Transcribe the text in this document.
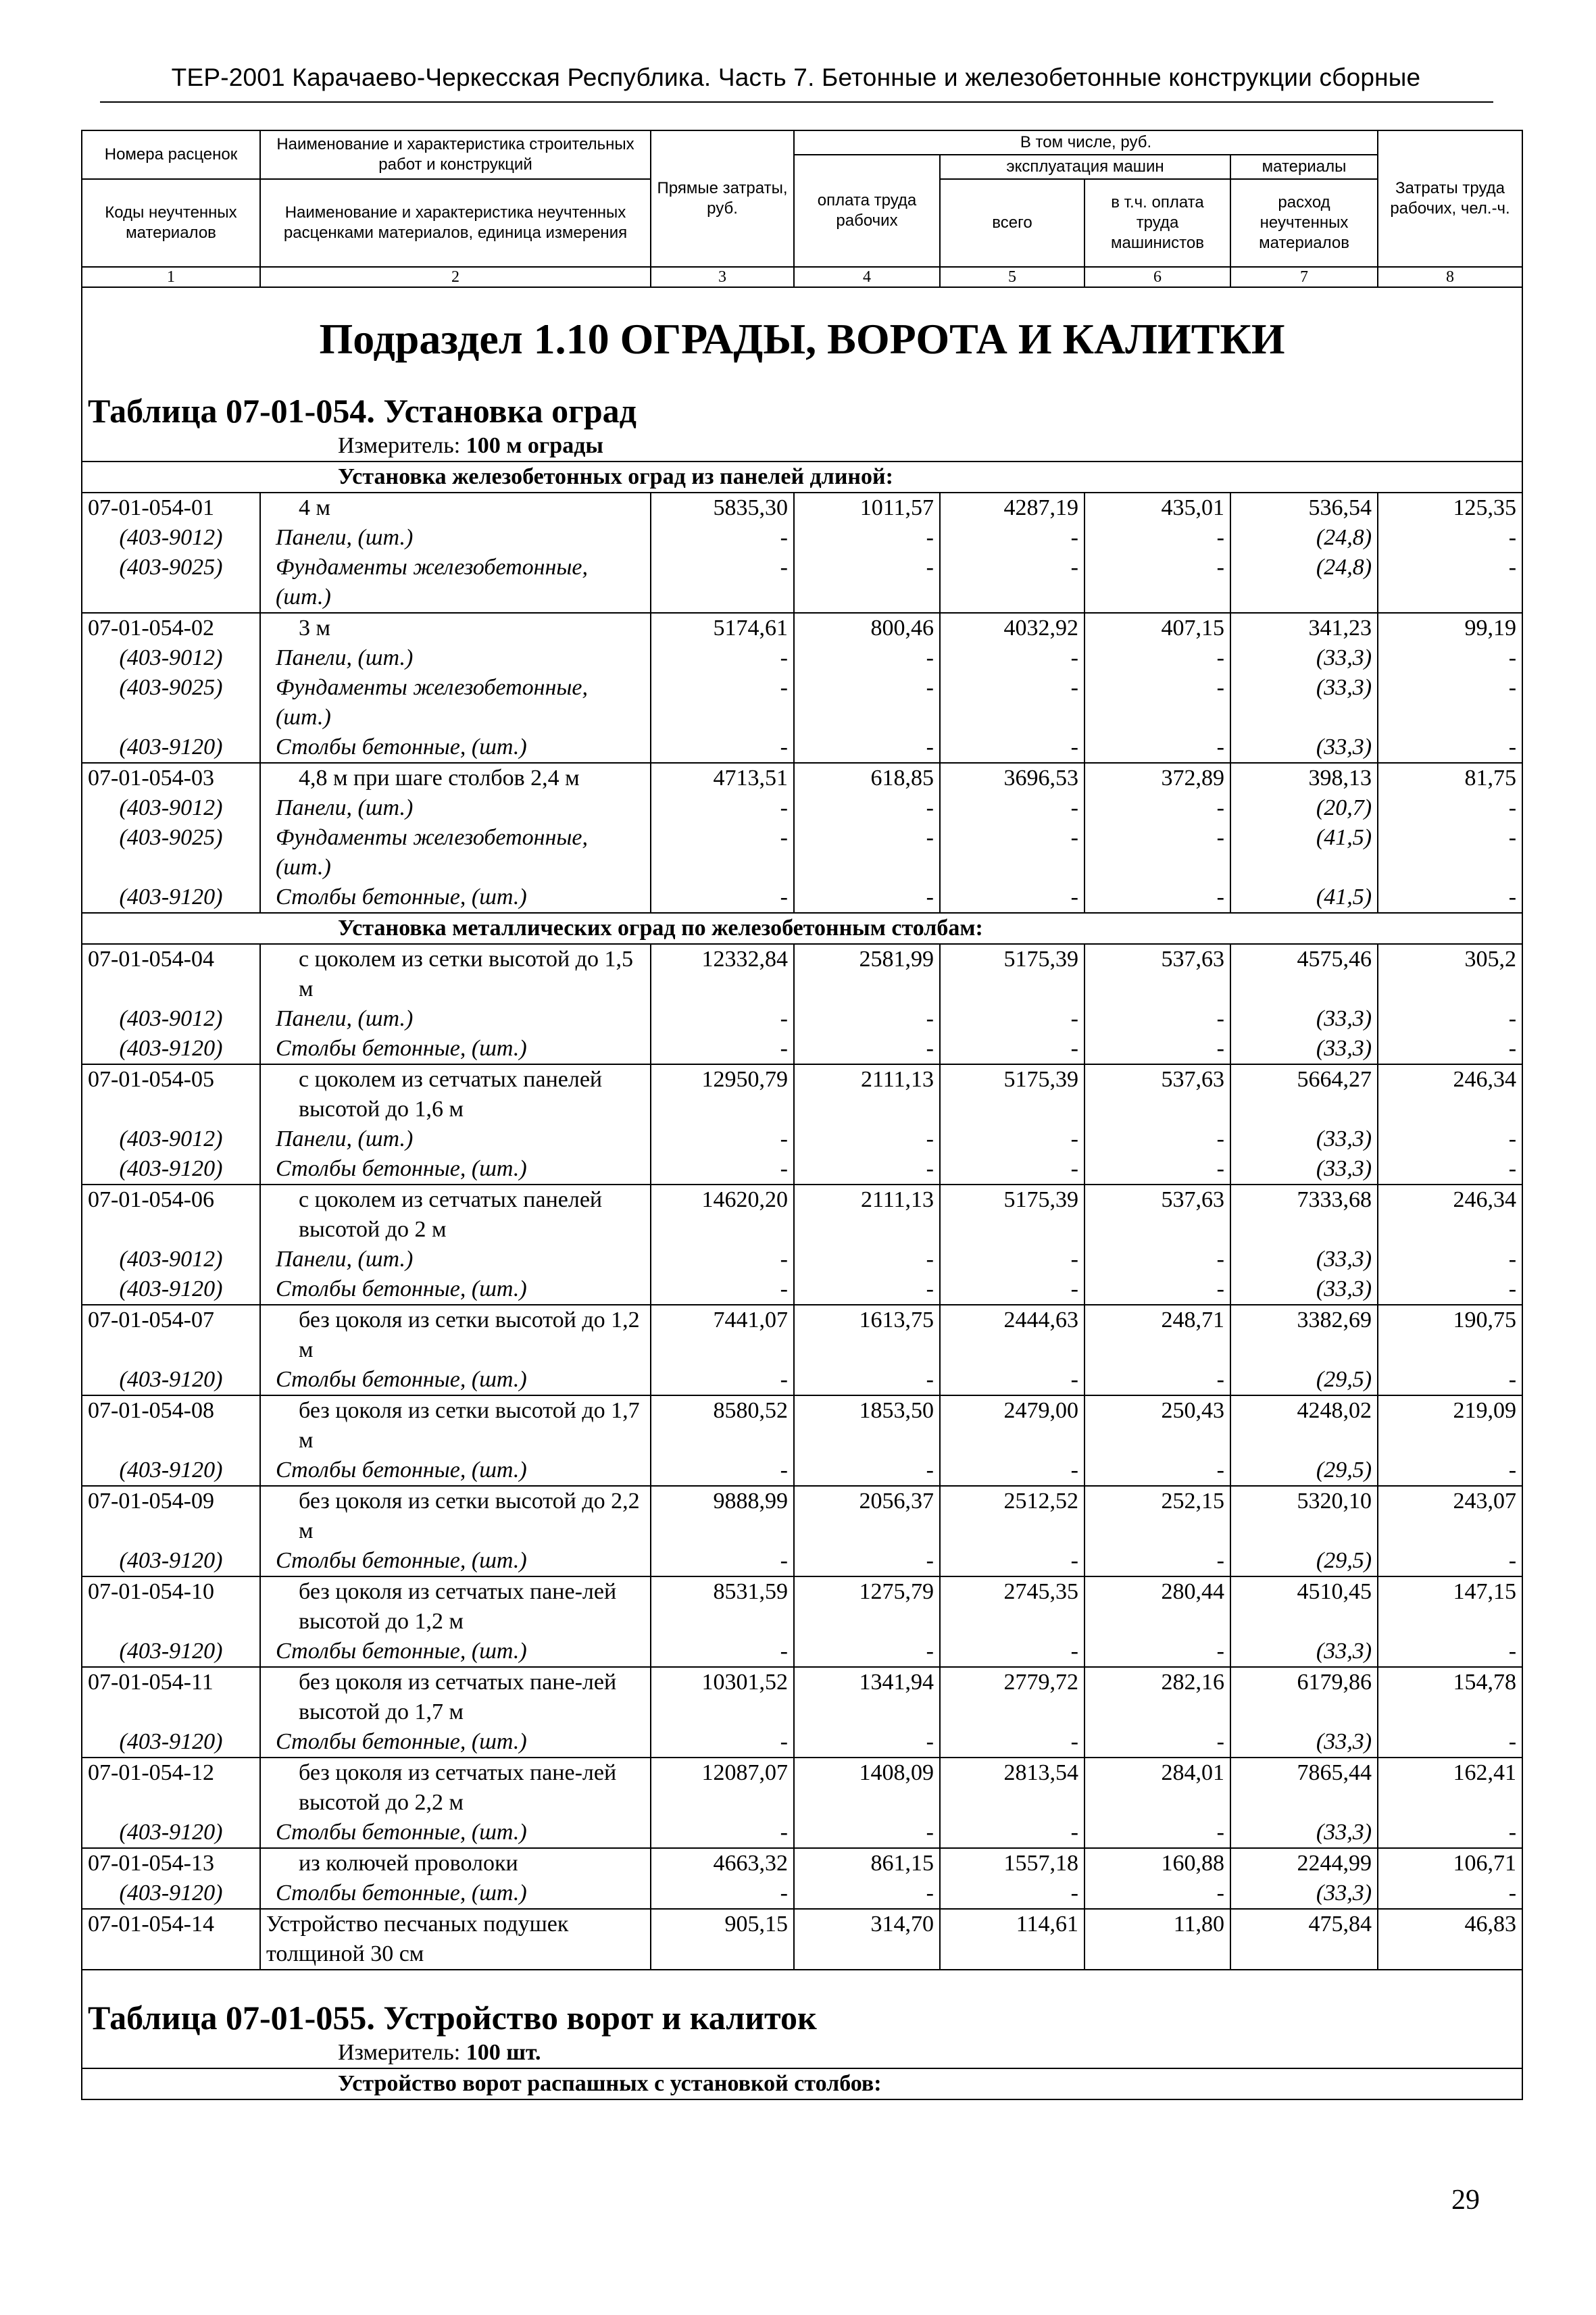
ТЕР-2001 Карачаево-Черкесская Республика. Часть 7. Бетонные и железобетонные конструкции сборные
Номера расценок	Наименование и характеристика строительных работ и конструкций	Прямые затраты, руб.	В том числе, руб.				Затраты труда рабочих, чел.-ч.
			оплата труда рабочих	эксплуатация машин		материалы	
Коды неучтенных материалов	Наименование и характеристика неучтенных расценками материалов, единица измерения			всего	в т.ч. оплата труда машинистов	расход неучтенных материалов	

1	2	3	4	5	6	7	8
Подраздел 1.10 ОГРАДЫ, ВОРОТА И КАЛИТКИ							
Таблица 07-01-054. Установка оград							
Измеритель: 100 м ограды							
Установка железобетонных оград из панелей длиной:							
07-01-054-01	4 м	5835,30	1011,57	4287,19	435,01	536,54	125,35
(403-9012)	Панели, (шт.)	-	-	-	-	(24,8)	-
(403-9025)	Фундаменты железобетонные, (шт.)	-	-	-	-	(24,8)	-
07-01-054-02	3 м	5174,61	800,46	4032,92	407,15	341,23	99,19
(403-9012)	Панели, (шт.)	-	-	-	-	(33,3)	-
(403-9025)	Фундаменты железобетонные, (шт.)	-	-	-	-	(33,3)	-
(403-9120)	Столбы бетонные, (шт.)	-	-	-	-	(33,3)	-
07-01-054-03	4,8 м при шаге столбов 2,4 м	4713,51	618,85	3696,53	372,89	398,13	81,75
(403-9012)	Панели, (шт.)	-	-	-	-	(20,7)	-
(403-9025)	Фундаменты железобетонные, (шт.)	-	-	-	-	(41,5)	-
(403-9120)	Столбы бетонные, (шт.)	-	-	-	-	(41,5)	-
Установка металлических оград по железобетонным столбам:							
07-01-054-04	с цоколем из сетки высотой до 1,5 м	12332,84	2581,99	5175,39	537,63	4575,46	305,2
(403-9012)	Панели, (шт.)	-	-	-	-	(33,3)	-
(403-9120)	Столбы бетонные, (шт.)	-	-	-	-	(33,3)	-
07-01-054-05	с цоколем из сетчатых панелей высотой до 1,6 м	12950,79	2111,13	5175,39	537,63	5664,27	246,34
(403-9012)	Панели, (шт.)	-	-	-	-	(33,3)	-
(403-9120)	Столбы бетонные, (шт.)	-	-	-	-	(33,3)	-
07-01-054-06	с цоколем из сетчатых панелей высотой до 2 м	14620,20	2111,13	5175,39	537,63	7333,68	246,34
(403-9012)	Панели, (шт.)	-	-	-	-	(33,3)	-
(403-9120)	Столбы бетонные, (шт.)	-	-	-	-	(33,3)	-
07-01-054-07	без цоколя из сетки высотой до 1,2 м	7441,07	1613,75	2444,63	248,71	3382,69	190,75
(403-9120)	Столбы бетонные, (шт.)	-	-	-	-	(29,5)	-
07-01-054-08	без цоколя из сетки высотой до 1,7 м	8580,52	1853,50	2479,00	250,43	4248,02	219,09
(403-9120)	Столбы бетонные, (шт.)	-	-	-	-	(29,5)	-
07-01-054-09	без цоколя из сетки высотой до 2,2 м	9888,99	2056,37	2512,52	252,15	5320,10	243,07
(403-9120)	Столбы бетонные, (шт.)	-	-	-	-	(29,5)	-
07-01-054-10	без цоколя из сетчатых пане-лей высотой до 1,2 м	8531,59	1275,79	2745,35	280,44	4510,45	147,15
(403-9120)	Столбы бетонные, (шт.)	-	-	-	-	(33,3)	-
07-01-054-11	без цоколя из сетчатых пане-лей высотой до 1,7 м	10301,52	1341,94	2779,72	282,16	6179,86	154,78
(403-9120)	Столбы бетонные, (шт.)	-	-	-	-	(33,3)	-
07-01-054-12	без цоколя из сетчатых пане-лей высотой до 2,2 м	12087,07	1408,09	2813,54	284,01	7865,44	162,41
(403-9120)	Столбы бетонные, (шт.)	-	-	-	-	(33,3)	-
07-01-054-13	из колючей проволоки	4663,32	861,15	1557,18	160,88	2244,99	106,71
(403-9120)	Столбы бетонные, (шт.)	-	-	-	-	(33,3)	-
07-01-054-14	Устройство песчаных подушек толщиной 30 см	905,15	314,70	114,61	11,80	475,84	46,83
Таблица 07-01-055. Устройство ворот и калиток							
Измеритель: 100 шт.							
Устройство ворот распашных с установкой столбов:							
29
